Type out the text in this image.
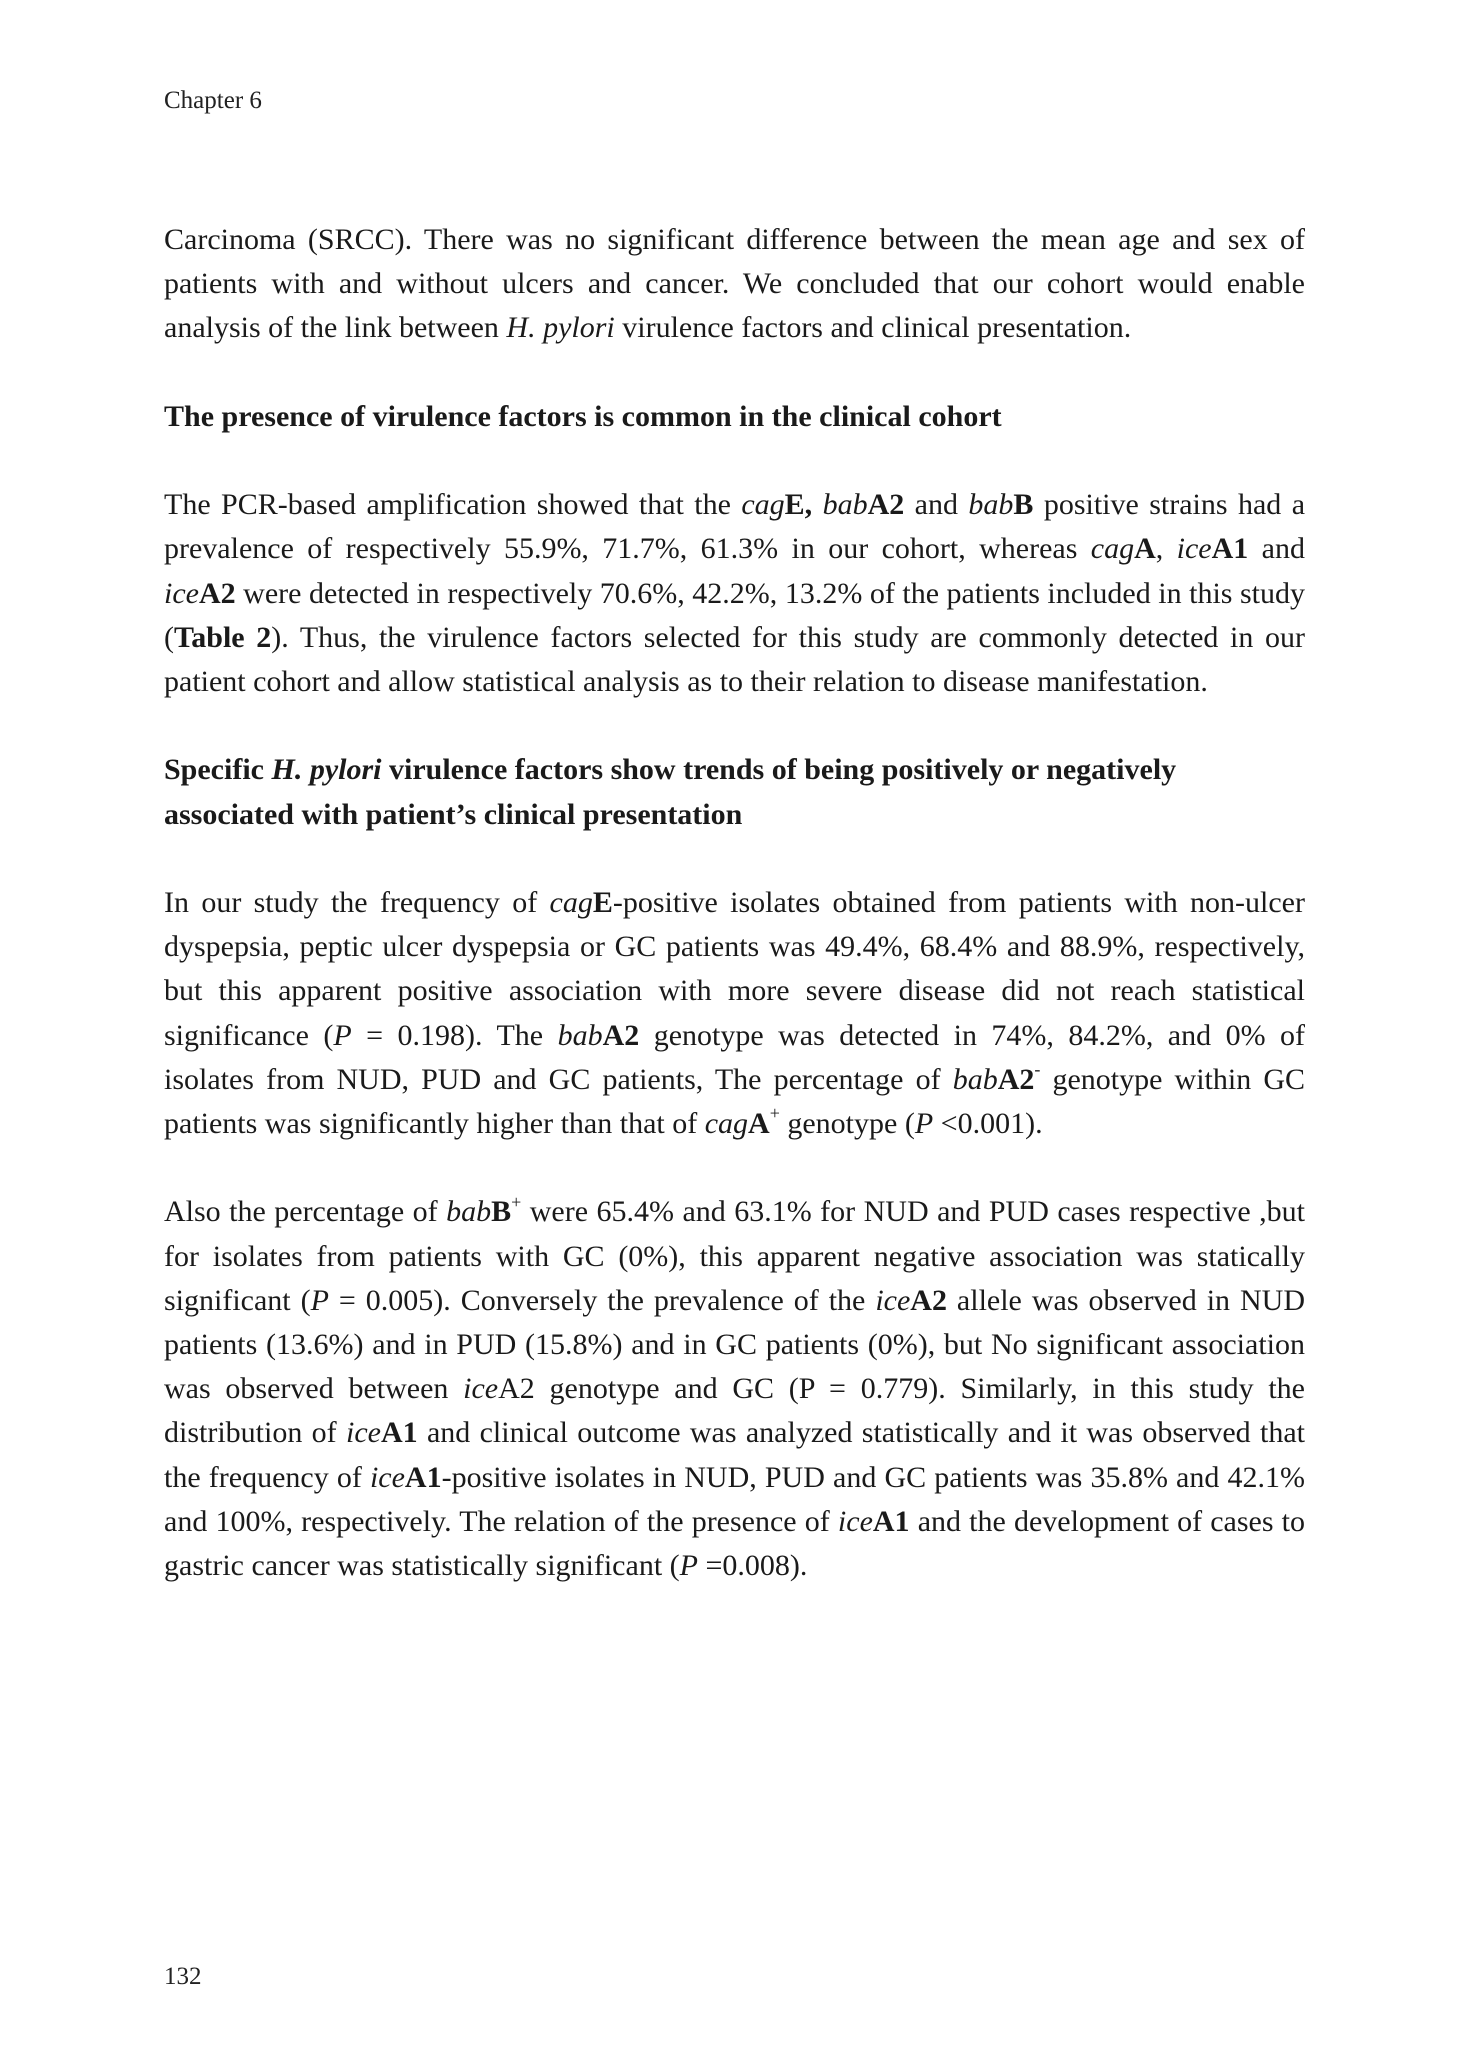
Chapter 6

Carcinoma (SRCC). There was no significant difference between the mean age and sex of patients with and without ulcers and cancer. We concluded that our cohort would enable analysis of the link between H. pylori virulence factors and clinical presentation.

The presence of virulence factors is common in the clinical cohort

The PCR-based amplification showed that the cagE, babA2 and babB positive strains had a prevalence of respectively 55.9%, 71.7%, 61.3% in our cohort, whereas cagA, iceA1 and iceA2 were detected in respectively 70.6%, 42.2%, 13.2% of the patients included in this study (Table 2). Thus, the virulence factors selected for this study are commonly detected in our patient cohort and allow statistical analysis as to their relation to disease manifestation.

Specific H. pylori virulence factors show trends of being positively or negatively associated with patient’s clinical presentation

In our study the frequency of cagE-positive isolates obtained from patients with non-ulcer dyspepsia, peptic ulcer dyspepsia or GC patients was 49.4%, 68.4% and 88.9%, respectively, but this apparent positive association with more severe disease did not reach statistical significance (P = 0.198). The babA2 genotype was detected in 74%, 84.2%, and 0% of isolates from NUD, PUD and GC patients, The percentage of babA2- genotype within GC patients was significantly higher than that of cagA+ genotype (P <0.001).

Also the percentage of babB+ were 65.4% and 63.1% for NUD and PUD cases respective ,but for isolates from patients with GC (0%), this apparent negative association was statically significant (P = 0.005). Conversely the prevalence of the iceA2 allele was observed in NUD patients (13.6%) and in PUD (15.8%) and in GC patients (0%), but No significant association was observed between iceA2 genotype and GC (P = 0.779). Similarly, in this study the distribution of iceA1 and clinical outcome was analyzed statistically and it was observed that the frequency of iceA1-positive isolates in NUD, PUD and GC patients was 35.8% and 42.1% and 100%, respectively. The relation of the presence of iceA1 and the development of cases to gastric cancer was statistically significant (P =0.008).

132
